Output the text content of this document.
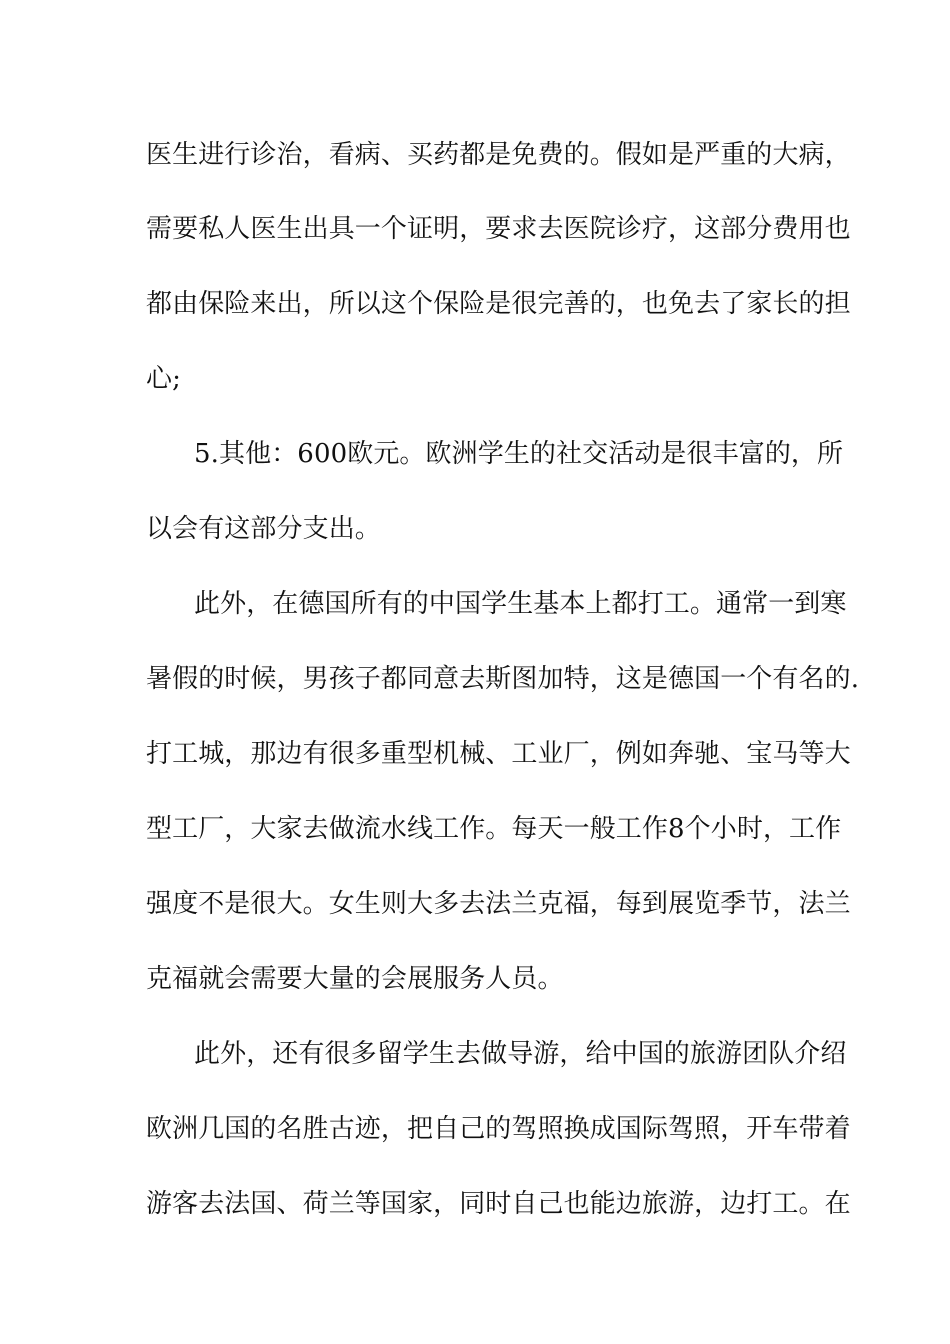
医生进行诊治，看病、买药都是免费的。假如是严重的大病，

需要私人医生出具一个证明，要求去医院诊疗，这部分费用也

都由保险来出，所以这个保险是很完善的，也免去了家长的担

心;

5.其他：600欧元。欧洲学生的社交活动是很丰富的，所

以会有这部分支出。

此外，在德国所有的中国学生基本上都打工。通常一到寒

暑假的时候，男孩子都同意去斯图加特，这是德国一个有名的.

打工城，那边有很多重型机械、工业厂，例如奔驰、宝马等大

型工厂，大家去做流水线工作。每天一般工作8个小时，工作

强度不是很大。女生则大多去法兰克福，每到展览季节，法兰

克福就会需要大量的会展服务人员。

此外，还有很多留学生去做导游，给中国的旅游团队介绍

欧洲几国的名胜古迹，把自己的驾照换成国际驾照，开车带着

游客去法国、荷兰等国家，同时自己也能边旅游，边打工。在
